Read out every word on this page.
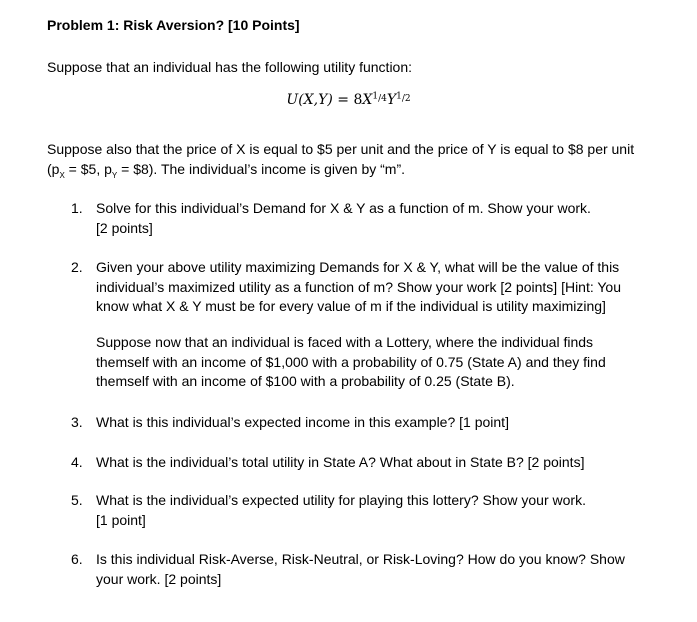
Problem 1: Risk Aversion? [10 Points]
Suppose that an individual has the following utility function:
$U(X,Y) = 8X^{1/4}Y^{1/2}$
Suppose also that the price of X is equal to $5 per unit and the price of Y is equal to $8 per unit
($p_X$ = $5, $p_Y$ = $8). The individual’s income is given by “m”.
1. Solve for this individual’s Demand for X & Y as a function of m. Show your work.
[2 points]
2. Given your above utility maximizing Demands for X & Y, what will be the value of this
individual’s maximized utility as a function of m? Show your work [2 points] [Hint: You
know what X & Y must be for every value of m if the individual is utility maximizing]
Suppose now that an individual is faced with a Lottery, where the individual finds
themself with an income of $1,000 with a probability of 0.75 (State A) and they find
themself with an income of $100 with a probability of 0.25 (State B).
3. What is this individual’s expected income in this example? [1 point]
4. What is the individual’s total utility in State A? What about in State B? [2 points]
5. What is the individual’s expected utility for playing this lottery? Show your work.
[1 point]
6. Is this individual Risk-Averse, Risk-Neutral, or Risk-Loving? How do you know? Show
your work. [2 points]
